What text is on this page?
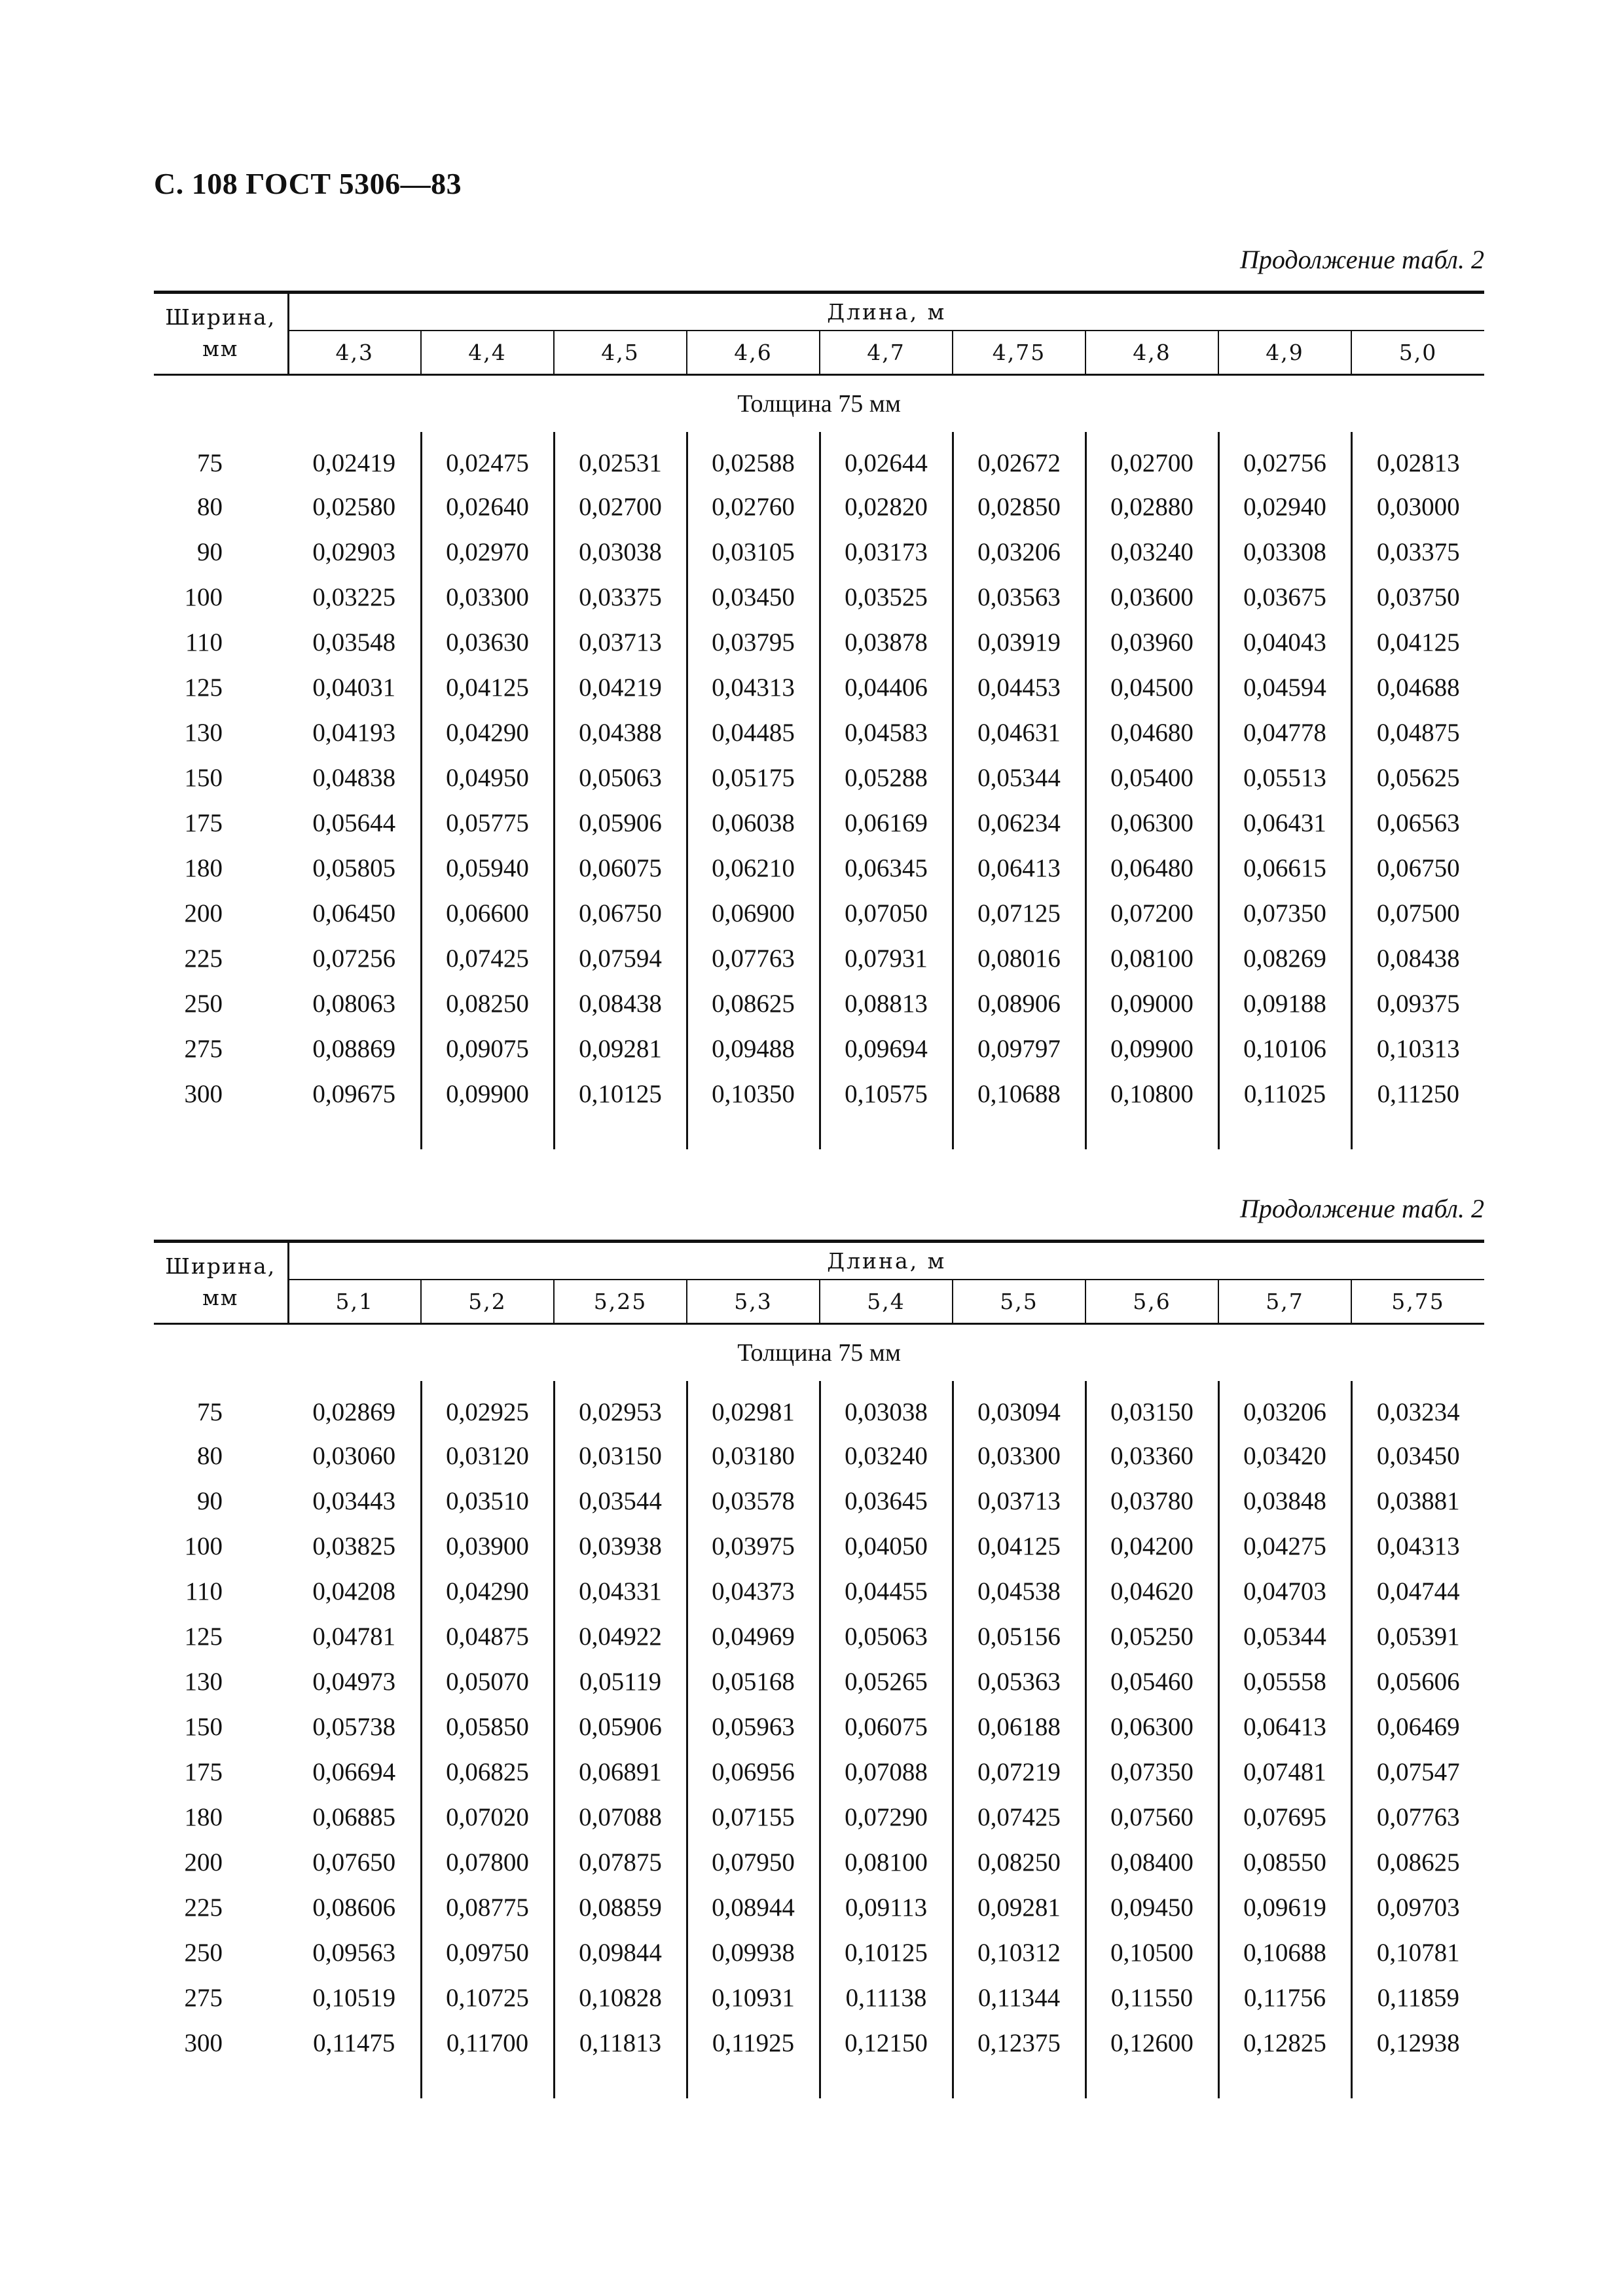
С. 108 ГОСТ 5306—83
Продолжение табл. 2
Ширина,
мм	Длина, м								
	4,3	4,4	4,5	4,6	4,7	4,75	4,8	4,9	5,0
Толщина 75 мм									
75	0,02419	0,02475	0,02531	0,02588	0,02644	0,02672	0,02700	0,02756	0,02813
80	0,02580	0,02640	0,02700	0,02760	0,02820	0,02850	0,02880	0,02940	0,03000
90	0,02903	0,02970	0,03038	0,03105	0,03173	0,03206	0,03240	0,03308	0,03375
100	0,03225	0,03300	0,03375	0,03450	0,03525	0,03563	0,03600	0,03675	0,03750
110	0,03548	0,03630	0,03713	0,03795	0,03878	0,03919	0,03960	0,04043	0,04125
125	0,04031	0,04125	0,04219	0,04313	0,04406	0,04453	0,04500	0,04594	0,04688
130	0,04193	0,04290	0,04388	0,04485	0,04583	0,04631	0,04680	0,04778	0,04875
150	0,04838	0,04950	0,05063	0,05175	0,05288	0,05344	0,05400	0,05513	0,05625
175	0,05644	0,05775	0,05906	0,06038	0,06169	0,06234	0,06300	0,06431	0,06563
180	0,05805	0,05940	0,06075	0,06210	0,06345	0,06413	0,06480	0,06615	0,06750
200	0,06450	0,06600	0,06750	0,06900	0,07050	0,07125	0,07200	0,07350	0,07500
225	0,07256	0,07425	0,07594	0,07763	0,07931	0,08016	0,08100	0,08269	0,08438
250	0,08063	0,08250	0,08438	0,08625	0,08813	0,08906	0,09000	0,09188	0,09375
275	0,08869	0,09075	0,09281	0,09488	0,09694	0,09797	0,09900	0,10106	0,10313
300	0,09675	0,09900	0,10125	0,10350	0,10575	0,10688	0,10800	0,11025	0,11250

Продолжение табл. 2
Ширина,
мм	Длина, м								
	5,1	5,2	5,25	5,3	5,4	5,5	5,6	5,7	5,75
Толщина 75 мм									
75	0,02869	0,02925	0,02953	0,02981	0,03038	0,03094	0,03150	0,03206	0,03234
80	0,03060	0,03120	0,03150	0,03180	0,03240	0,03300	0,03360	0,03420	0,03450
90	0,03443	0,03510	0,03544	0,03578	0,03645	0,03713	0,03780	0,03848	0,03881
100	0,03825	0,03900	0,03938	0,03975	0,04050	0,04125	0,04200	0,04275	0,04313
110	0,04208	0,04290	0,04331	0,04373	0,04455	0,04538	0,04620	0,04703	0,04744
125	0,04781	0,04875	0,04922	0,04969	0,05063	0,05156	0,05250	0,05344	0,05391
130	0,04973	0,05070	0,05119	0,05168	0,05265	0,05363	0,05460	0,05558	0,05606
150	0,05738	0,05850	0,05906	0,05963	0,06075	0,06188	0,06300	0,06413	0,06469
175	0,06694	0,06825	0,06891	0,06956	0,07088	0,07219	0,07350	0,07481	0,07547
180	0,06885	0,07020	0,07088	0,07155	0,07290	0,07425	0,07560	0,07695	0,07763
200	0,07650	0,07800	0,07875	0,07950	0,08100	0,08250	0,08400	0,08550	0,08625
225	0,08606	0,08775	0,08859	0,08944	0,09113	0,09281	0,09450	0,09619	0,09703
250	0,09563	0,09750	0,09844	0,09938	0,10125	0,10312	0,10500	0,10688	0,10781
275	0,10519	0,10725	0,10828	0,10931	0,11138	0,11344	0,11550	0,11756	0,11859
300	0,11475	0,11700	0,11813	0,11925	0,12150	0,12375	0,12600	0,12825	0,12938
